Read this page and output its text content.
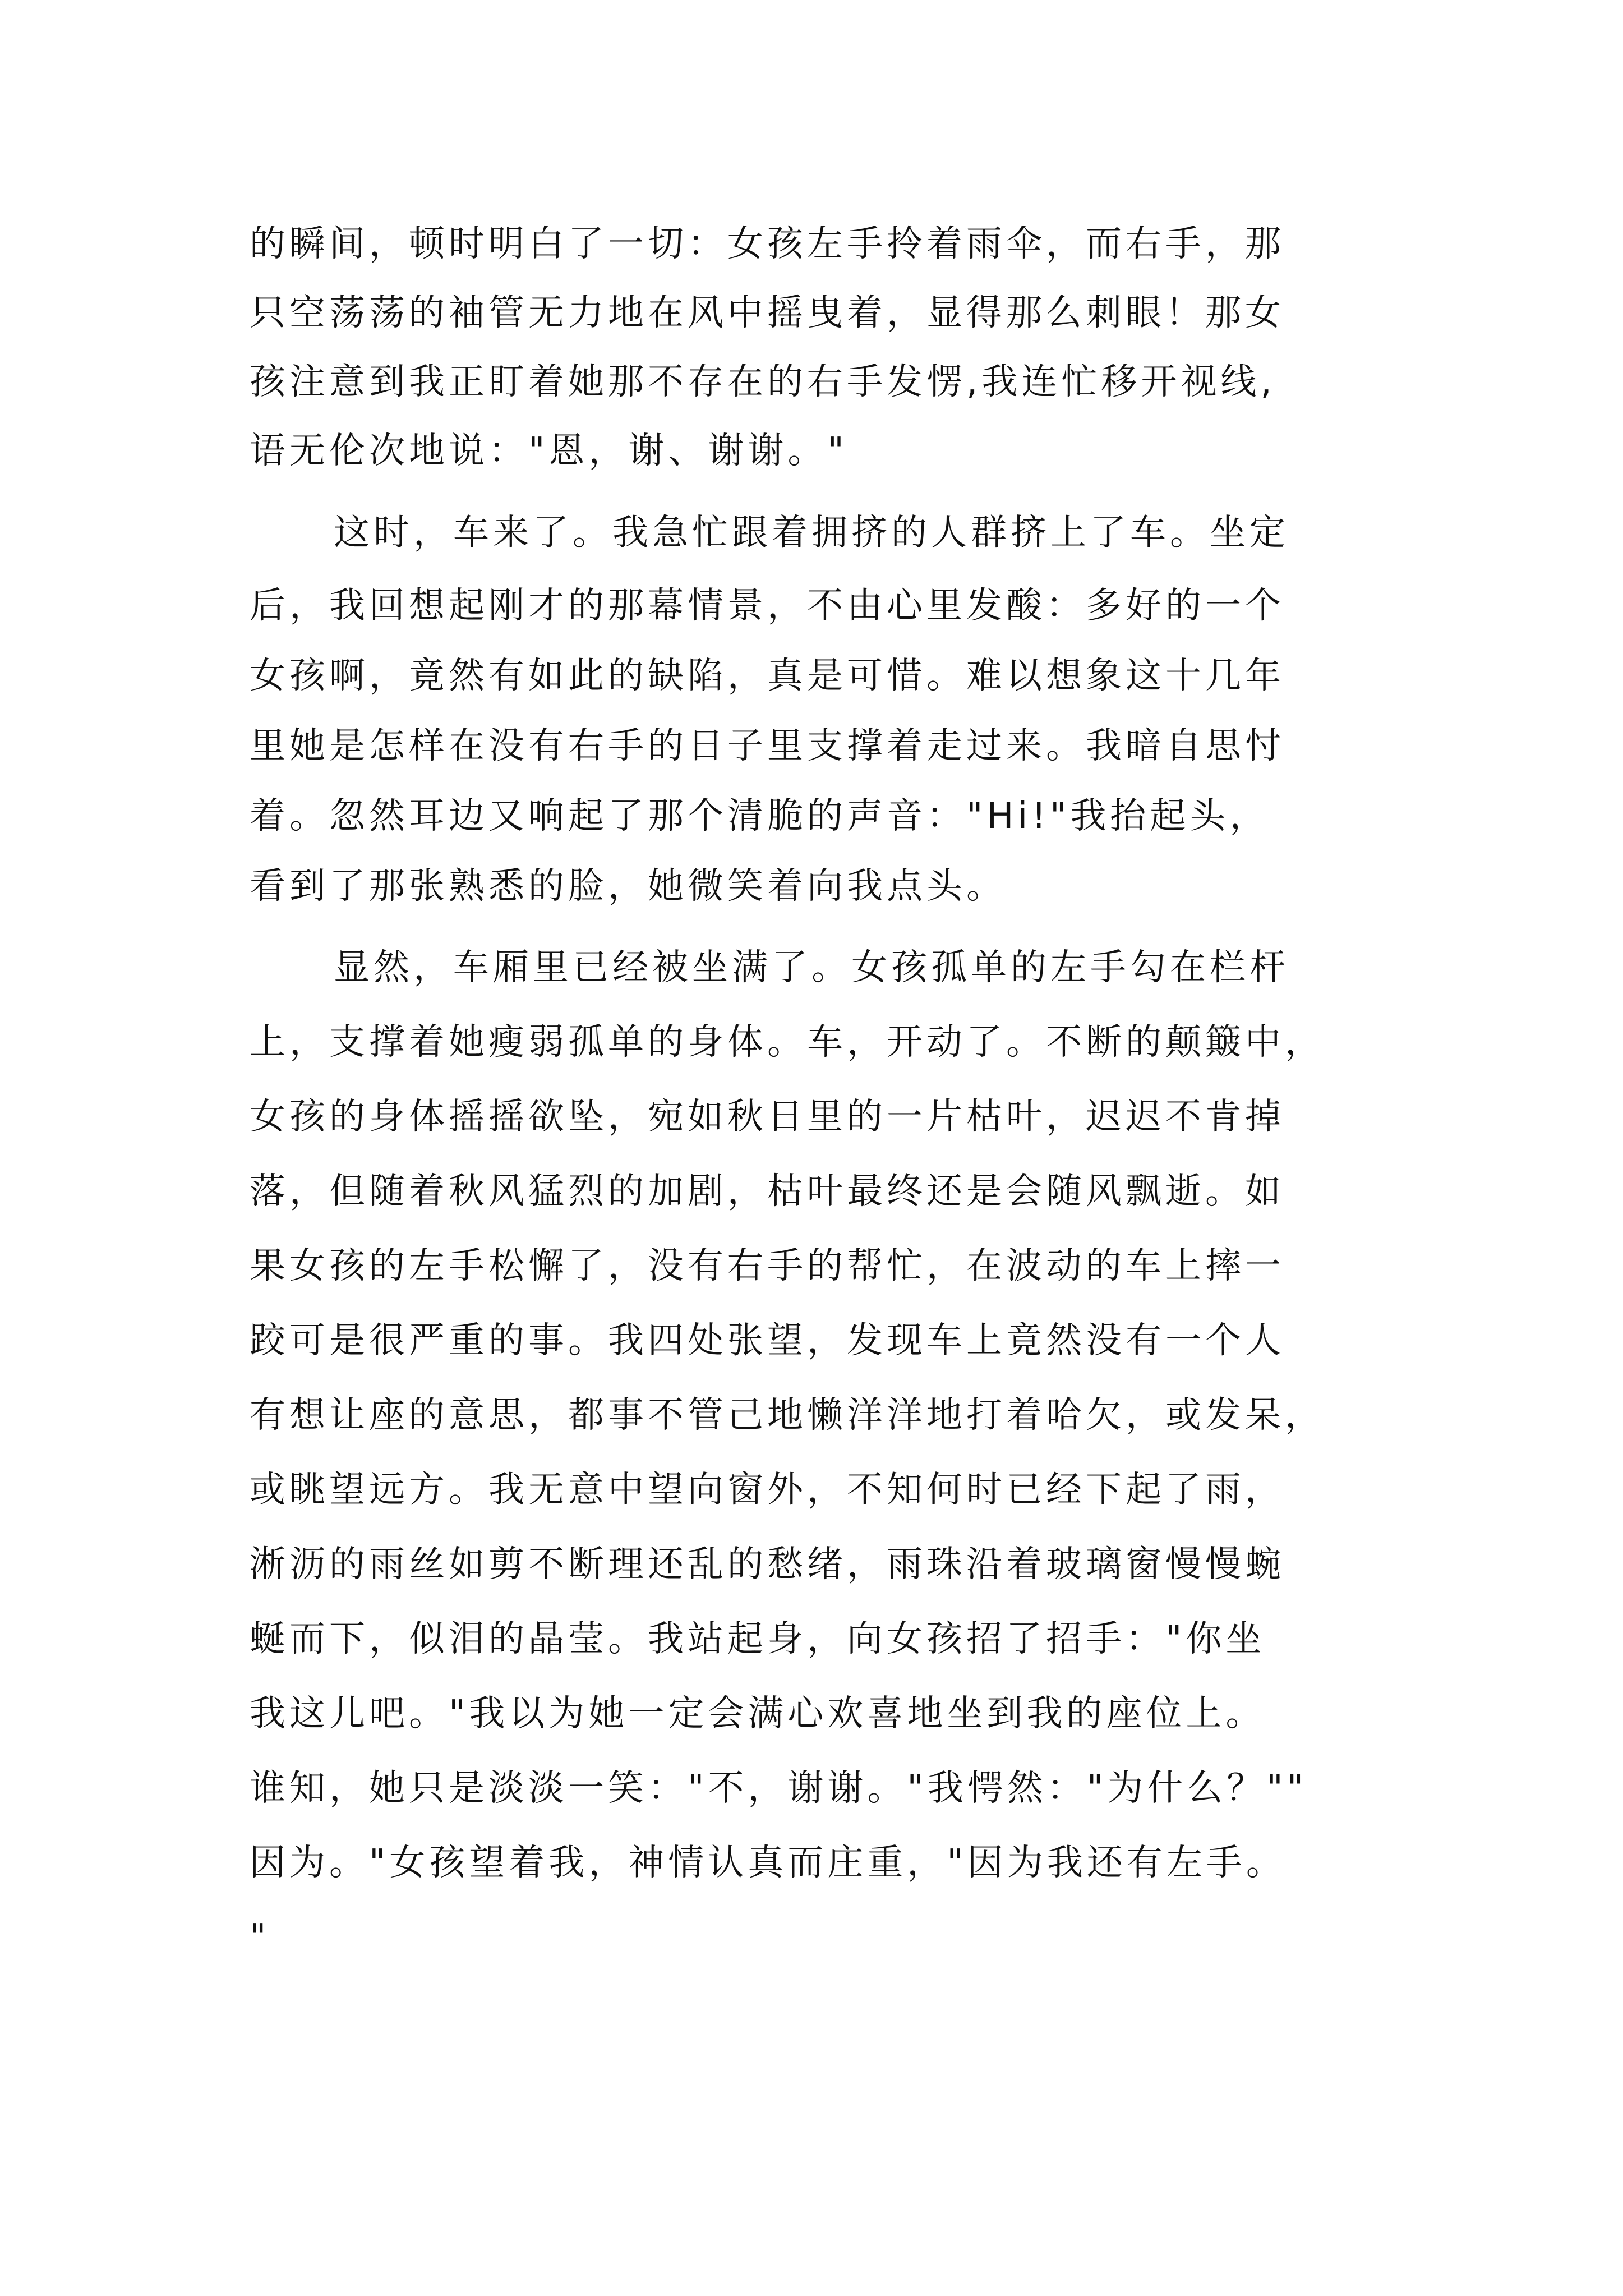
的瞬间，顿时明白了一切：女孩左手拎着雨伞，而右手，那
只空荡荡的袖管无力地在风中摇曳着，显得那么刺眼！那女
孩注意到我正盯着她那不存在的右手发愣,我连忙移开视线,
语无伦次地说："恩，谢、谢谢。"
这时，车来了。我急忙跟着拥挤的人群挤上了车。坐定
后，我回想起刚才的那幕情景，不由心里发酸：多好的一个
女孩啊，竟然有如此的缺陷，真是可惜。难以想象这十几年
里她是怎样在没有右手的日子里支撑着走过来。我暗自思忖
着。忽然耳边又响起了那个清脆的声音："Hi!"我抬起头，
看到了那张熟悉的脸，她微笑着向我点头。
显然，车厢里已经被坐满了。女孩孤单的左手勾在栏杆
上，支撑着她瘦弱孤单的身体。车，开动了。不断的颠簸中，
女孩的身体摇摇欲坠，宛如秋日里的一片枯叶，迟迟不肯掉
落，但随着秋风猛烈的加剧，枯叶最终还是会随风飘逝。如
果女孩的左手松懈了，没有右手的帮忙，在波动的车上摔一
跤可是很严重的事。我四处张望，发现车上竟然没有一个人
有想让座的意思，都事不管己地懒洋洋地打着哈欠，或发呆，
或眺望远方。我无意中望向窗外，不知何时已经下起了雨，
淅沥的雨丝如剪不断理还乱的愁绪，雨珠沿着玻璃窗慢慢蜿
蜒而下，似泪的晶莹。我站起身，向女孩招了招手："你坐
我这儿吧。"我以为她一定会满心欢喜地坐到我的座位上。
谁知，她只是淡淡一笑："不，谢谢。"我愕然："为什么？""
因为。"女孩望着我，神情认真而庄重，"因为我还有左手。
"
